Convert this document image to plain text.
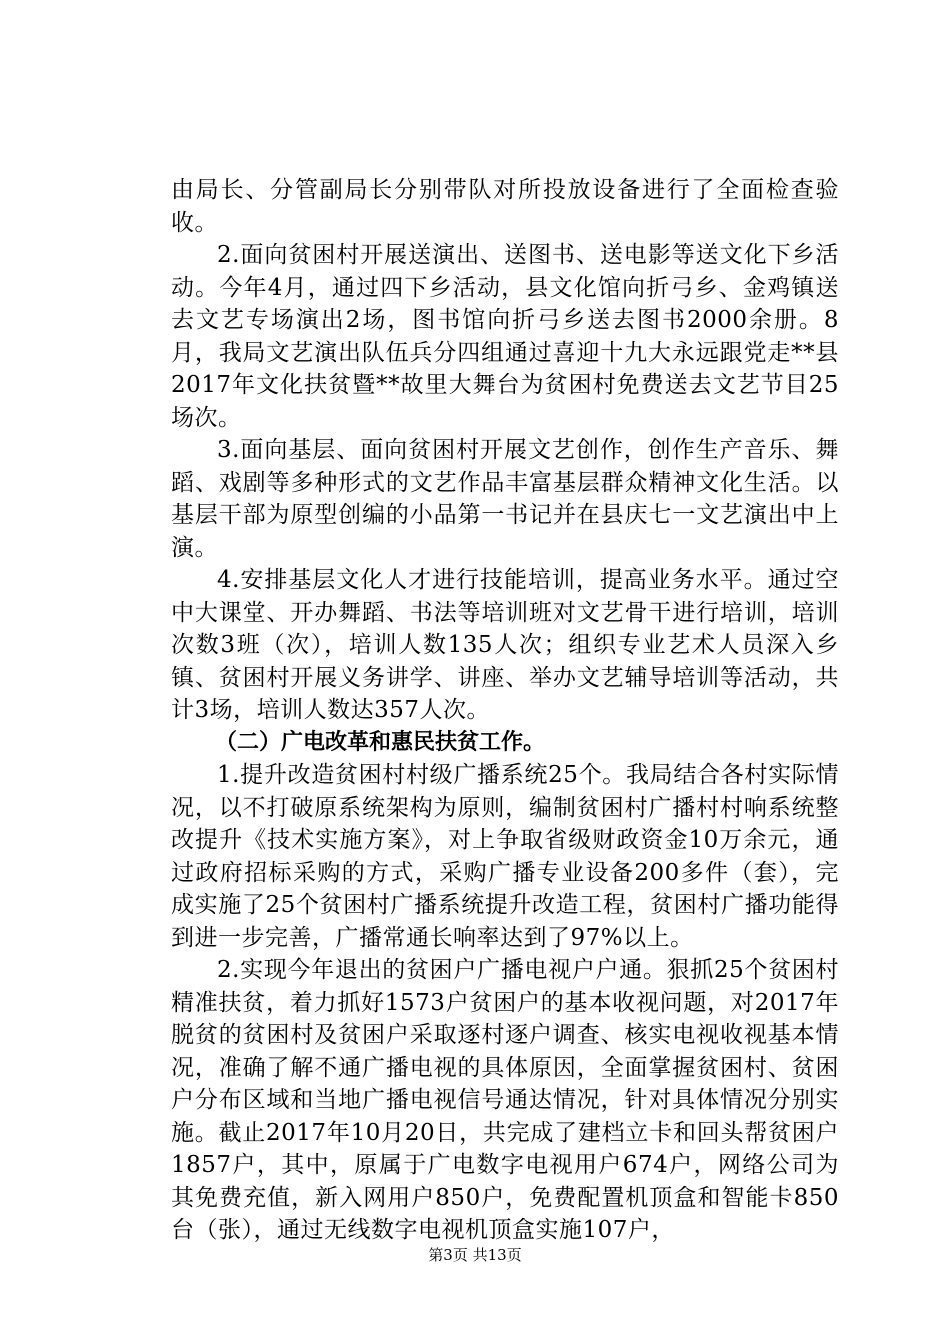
由局长、分管副局长分别带队对所投放设备进行了全面检查验收。

2.面向贫困村开展送演出、送图书、送电影等送文化下乡活动。今年4月，通过四下乡活动，县文化馆向折弓乡、金鸡镇送去文艺专场演出2场，图书馆向折弓乡送去图书2000余册。8月，我局文艺演出队伍兵分四组通过喜迎十九大永远跟党走**县2017年文化扶贫暨**故里大舞台为贫困村免费送去文艺节目25场次。

3.面向基层、面向贫困村开展文艺创作，创作生产音乐、舞蹈、戏剧等多种形式的文艺作品丰富基层群众精神文化生活。以基层干部为原型创编的小品第一书记并在县庆七一文艺演出中上演。

4.安排基层文化人才进行技能培训，提高业务水平。通过空中大课堂、开办舞蹈、书法等培训班对文艺骨干进行培训，培训次数3班（次），培训人数135人次；组织专业艺术人员深入乡镇、贫困村开展义务讲学、讲座、举办文艺辅导培训等活动，共计3场，培训人数达357人次。

（二）广电改革和惠民扶贫工作。

1.提升改造贫困村村级广播系统25个。我局结合各村实际情况，以不打破原系统架构为原则，编制贫困村广播村村响系统整改提升《技术实施方案》，对上争取省级财政资金10万余元，通过政府招标采购的方式，采购广播专业设备200多件（套），完成实施了25个贫困村广播系统提升改造工程，贫困村广播功能得到进一步完善，广播常通长响率达到了97%以上。

2.实现今年退出的贫困户广播电视户户通。狠抓25个贫困村精准扶贫，着力抓好1573户贫困户的基本收视问题，对2017年脱贫的贫困村及贫困户采取逐村逐户调查、核实电视收视基本情况，准确了解不通广播电视的具体原因，全面掌握贫困村、贫困户分布区域和当地广播电视信号通达情况，针对具体情况分别实施。截止2017年10月20日，共完成了建档立卡和回头帮贫困户1857户，其中，原属于广电数字电视用户674户，网络公司为其免费充值，新入网用户850户，免费配置机顶盒和智能卡850台（张），通过无线数字电视机顶盒实施107户，

第3页 共13页
